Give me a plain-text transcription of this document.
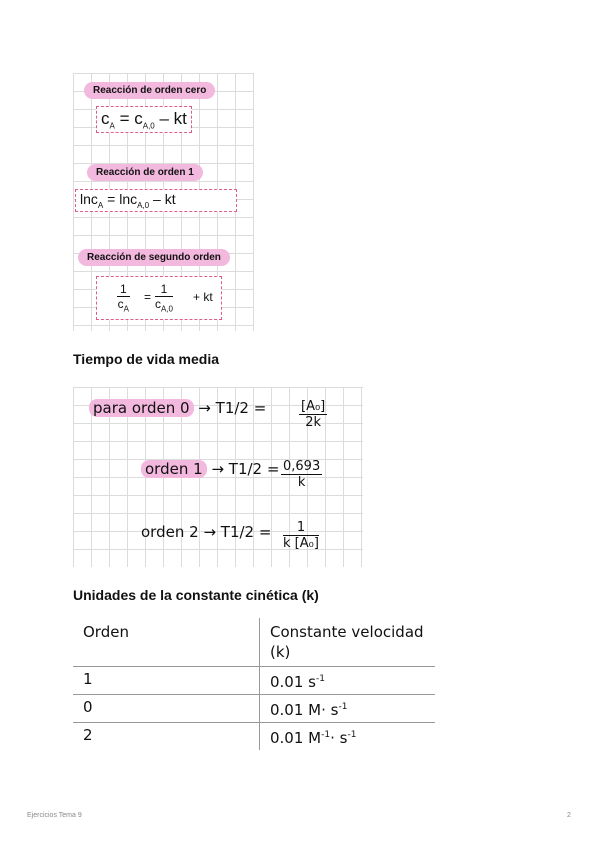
Reacción de orden cero
$c_A = c_{A,0}$ – kt
Reacción de orden 1
lnc$_A$ = lnc$_{A,0}$ – kt
Reacción de segundo orden
1
$c_A$
=
1
$c_{A,0}$
+ kt
Tiempo de vida media
para orden 0 → T1/2 =	$\frac{\text{[A₀]}}{2k}$
orden $1 \to T1/2 = \frac{0,693}{k}$
orden $2 \to T1/2 = \frac{1}{\text{k [A₀]}}$
Unidades de la constante cinética (k)
Orden	Constante velocidad (k)
1	0.01 $s^{-1}$
0	0.01 $M\cdot s^{-1}$
2	0.01 $M^{-1}\cdot s^{-1}$
Ejercicios Tema 9	2
